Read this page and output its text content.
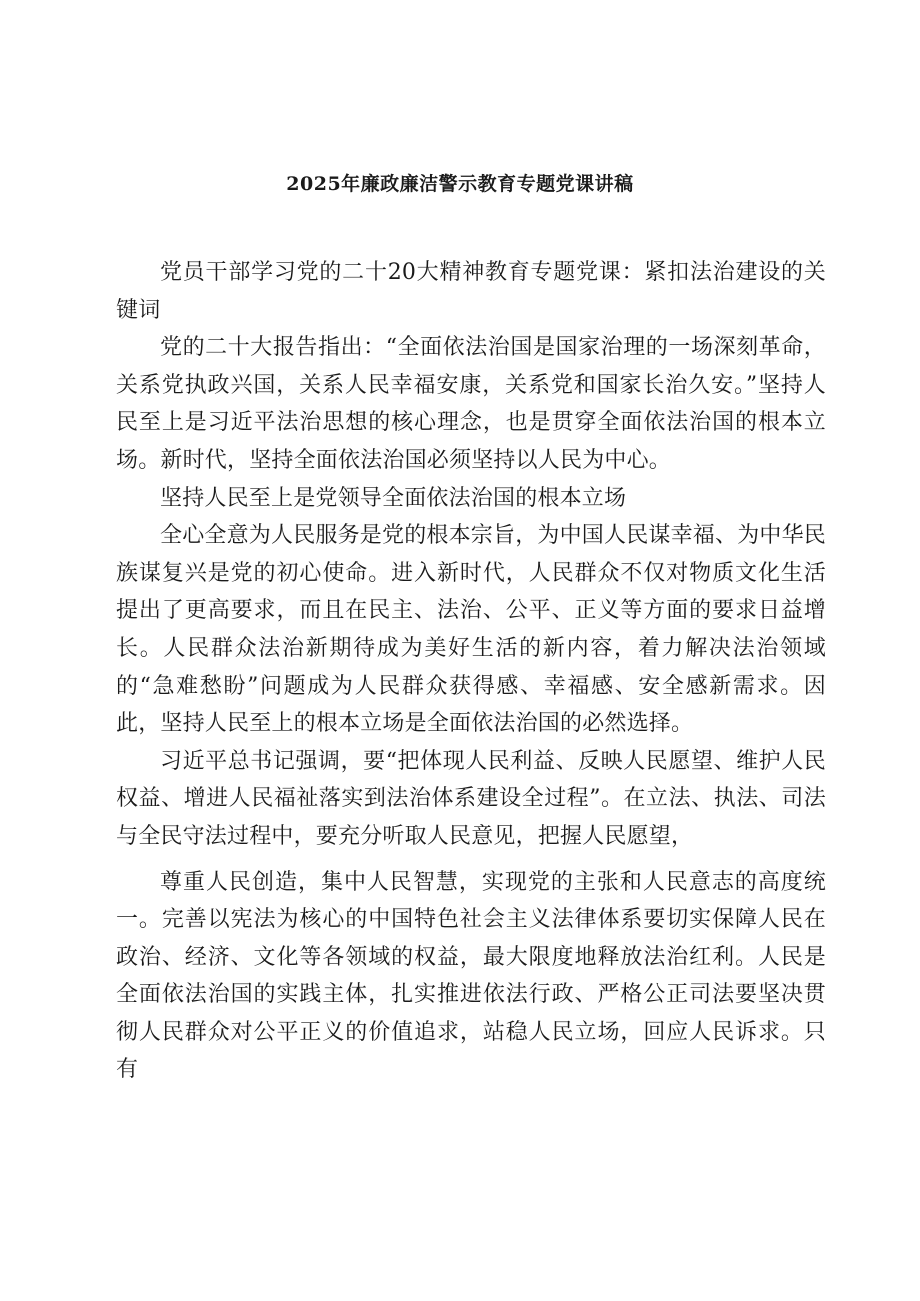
2025年廉政廉洁警示教育专题党课讲稿

党员干部学习党的二十20大精神教育专题党课：紧扣法治建设的关键词

党的二十大报告指出：“全面依法治国是国家治理的一场深刻革命，关系党执政兴国，关系人民幸福安康，关系党和国家长治久安。”坚持人民至上是习近平法治思想的核心理念，也是贯穿全面依法治国的根本立场。新时代，坚持全面依法治国必须坚持以人民为中心。

坚持人民至上是党领导全面依法治国的根本立场

全心全意为人民服务是党的根本宗旨，为中国人民谋幸福、为中华民族谋复兴是党的初心使命。进入新时代，人民群众不仅对物质文化生活提出了更高要求，而且在民主、法治、公平、正义等方面的要求日益增长。人民群众法治新期待成为美好生活的新内容，着力解决法治领域的“急难愁盼”问题成为人民群众获得感、幸福感、安全感新需求。因此，坚持人民至上的根本立场是全面依法治国的必然选择。

习近平总书记强调，要“把体现人民利益、反映人民愿望、维护人民权益、增进人民福祉落实到法治体系建设全过程”。在立法、执法、司法与全民守法过程中，要充分听取人民意见，把握人民愿望，

尊重人民创造，集中人民智慧，实现党的主张和人民意志的高度统一。完善以宪法为核心的中国特色社会主义法律体系要切实保障人民在政治、经济、文化等各领域的权益，最大限度地释放法治红利。人民是全面依法治国的实践主体，扎实推进依法行政、严格公正司法要坚决贯彻人民群众对公平正义的价值追求，站稳人民立场，回应人民诉求。只有
